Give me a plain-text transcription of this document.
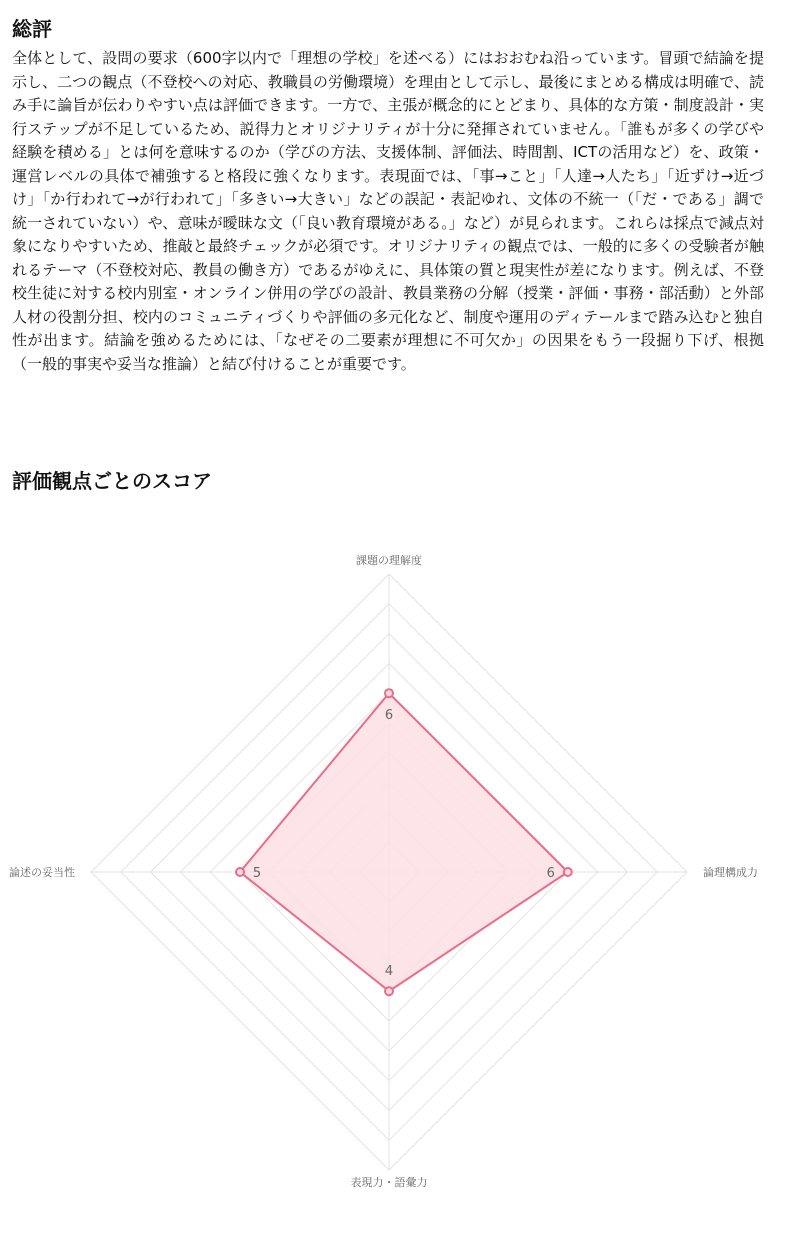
総評

全体として、設問の要求（600字以内で「理想の学校」を述べる）にはおおむね沿っています。冒頭で結論を提示し、二つの観点（不登校への対応、教職員の労働環境）を理由として示し、最後にまとめる構成は明確で、読み手に論旨が伝わりやすい点は評価できます。一方で、主張が概念的にとどまり、具体的な方策・制度設計・実行ステップが不足しているため、説得力とオリジナリティが十分に発揮されていません。「誰もが多くの学びや経験を積める」とは何を意味するのか（学びの方法、支援体制、評価法、時間割、ICTの活用など）を、政策・運営レベルの具体で補強すると格段に強くなります。表現面では、「事→こと」「人達→人たち」「近ずけ→近づけ」「か行われて→が行われて」「多きい→大きい」などの誤記・表記ゆれ、文体の不統一（「だ・である」調で統一されていない）や、意味が曖昧な文（「良い教育環境がある。」など）が見られます。これらは採点で減点対象になりやすいため、推敲と最終チェックが必須です。オリジナリティの観点では、一般的に多くの受験者が触れるテーマ（不登校対応、教員の働き方）であるがゆえに、具体策の質と現実性が差になります。例えば、不登校生徒に対する校内別室・オンライン併用の学びの設計、教員業務の分解（授業・評価・事務・部活動）と外部人材の役割分担、校内のコミュニティづくりや評価の多元化など、制度や運用のディテールまで踏み込むと独自性が出ます。結論を強めるためには、「なぜその二要素が理想に不可欠か」の因果をもう一段掘り下げ、根拠（一般的事実や妥当な推論）と結び付けることが重要です。

評価観点ごとのスコア
6
6
4
5
課題の理解度
論理構成力
表現力・語彙力
論述の妥当性
